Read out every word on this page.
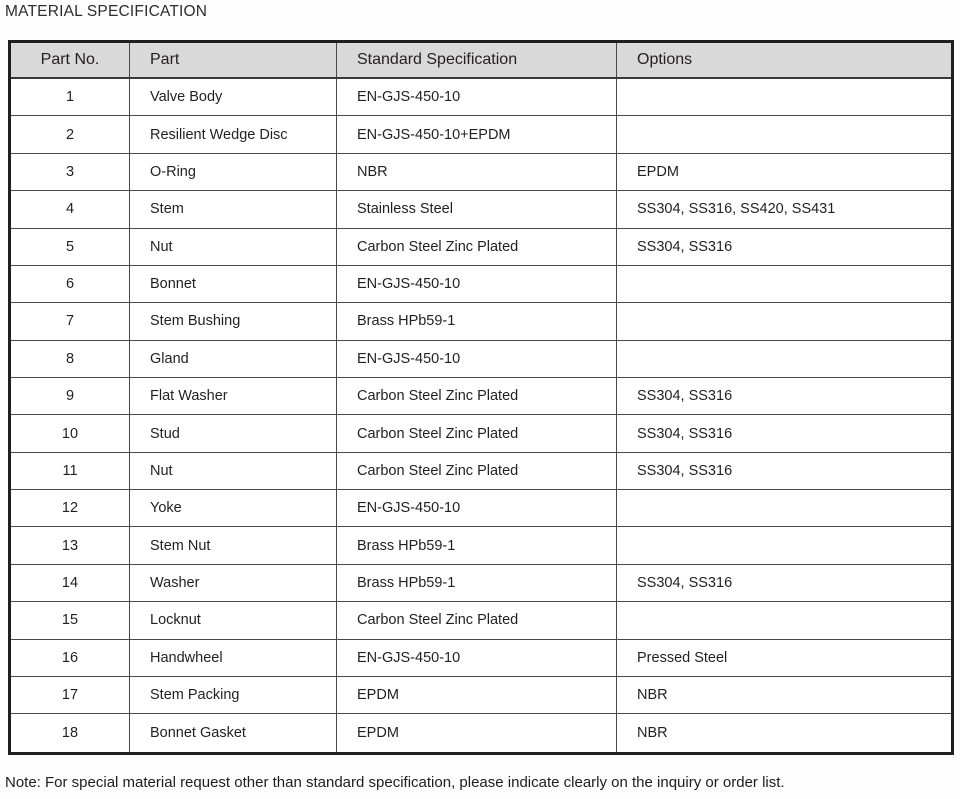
MATERIAL SPECIFICATION
Part No.	Part	Standard Specification	Options
1	Valve Body	EN-GJS-450-10	
2	Resilient Wedge Disc	EN-GJS-450-10+EPDM	
3	O-Ring	NBR	EPDM
4	Stem	Stainless Steel	SS304, SS316, SS420, SS431
5	Nut	Carbon Steel Zinc Plated	SS304, SS316
6	Bonnet	EN-GJS-450-10	
7	Stem Bushing	Brass HPb59-1	
8	Gland	EN-GJS-450-10	
9	Flat Washer	Carbon Steel Zinc Plated	SS304, SS316
10	Stud	Carbon Steel Zinc Plated	SS304, SS316
11	Nut	Carbon Steel Zinc Plated	SS304, SS316
12	Yoke	EN-GJS-450-10	
13	Stem Nut	Brass HPb59-1	
14	Washer	Brass HPb59-1	SS304, SS316
15	Locknut	Carbon Steel Zinc Plated	
16	Handwheel	EN-GJS-450-10	Pressed Steel
17	Stem Packing	EPDM	NBR
18	Bonnet Gasket	EPDM	NBR
Note: For special material request other than standard specification, please indicate clearly on the inquiry or order list.
